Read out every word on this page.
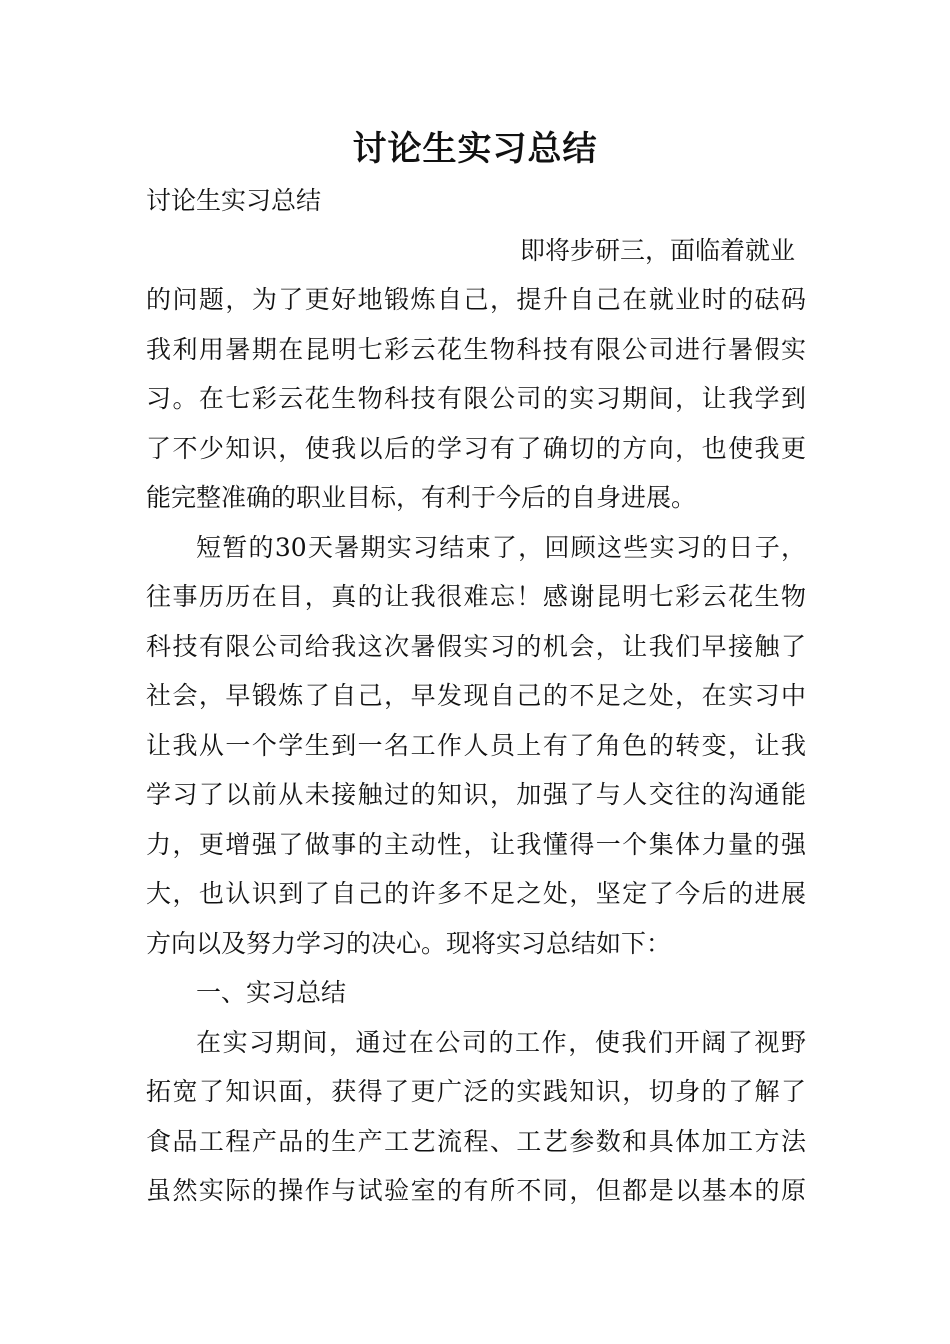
讨论生实习总结
讨论生实习总结
即将步研三，面临着就业
的问题，为了更好地锻炼自己，提升自己在就业时的砝码
我利用暑期在昆明七彩云花生物科技有限公司进行暑假实
习。在七彩云花生物科技有限公司的实习期间，让我学到
了不少知识，使我以后的学习有了确切的方向，也使我更
能完整准确的职业目标，有利于今后的自身进展。
短暂的30天暑期实习结束了，回顾这些实习的日子，
往事历历在目，真的让我很难忘！感谢昆明七彩云花生物
科技有限公司给我这次暑假实习的机会，让我们早接触了
社会，早锻炼了自己，早发现自己的不足之处，在实习中
让我从一个学生到一名工作人员上有了角色的转变，让我
学习了以前从未接触过的知识，加强了与人交往的沟通能
力，更增强了做事的主动性，让我懂得一个集体力量的强
大，也认识到了自己的许多不足之处，坚定了今后的进展
方向以及努力学习的决心。现将实习总结如下：
一、实习总结
在实习期间，通过在公司的工作，使我们开阔了视野
拓宽了知识面，获得了更广泛的实践知识，切身的了解了
食品工程产品的生产工艺流程、工艺参数和具体加工方法
虽然实际的操作与试验室的有所不同，但都是以基本的原
